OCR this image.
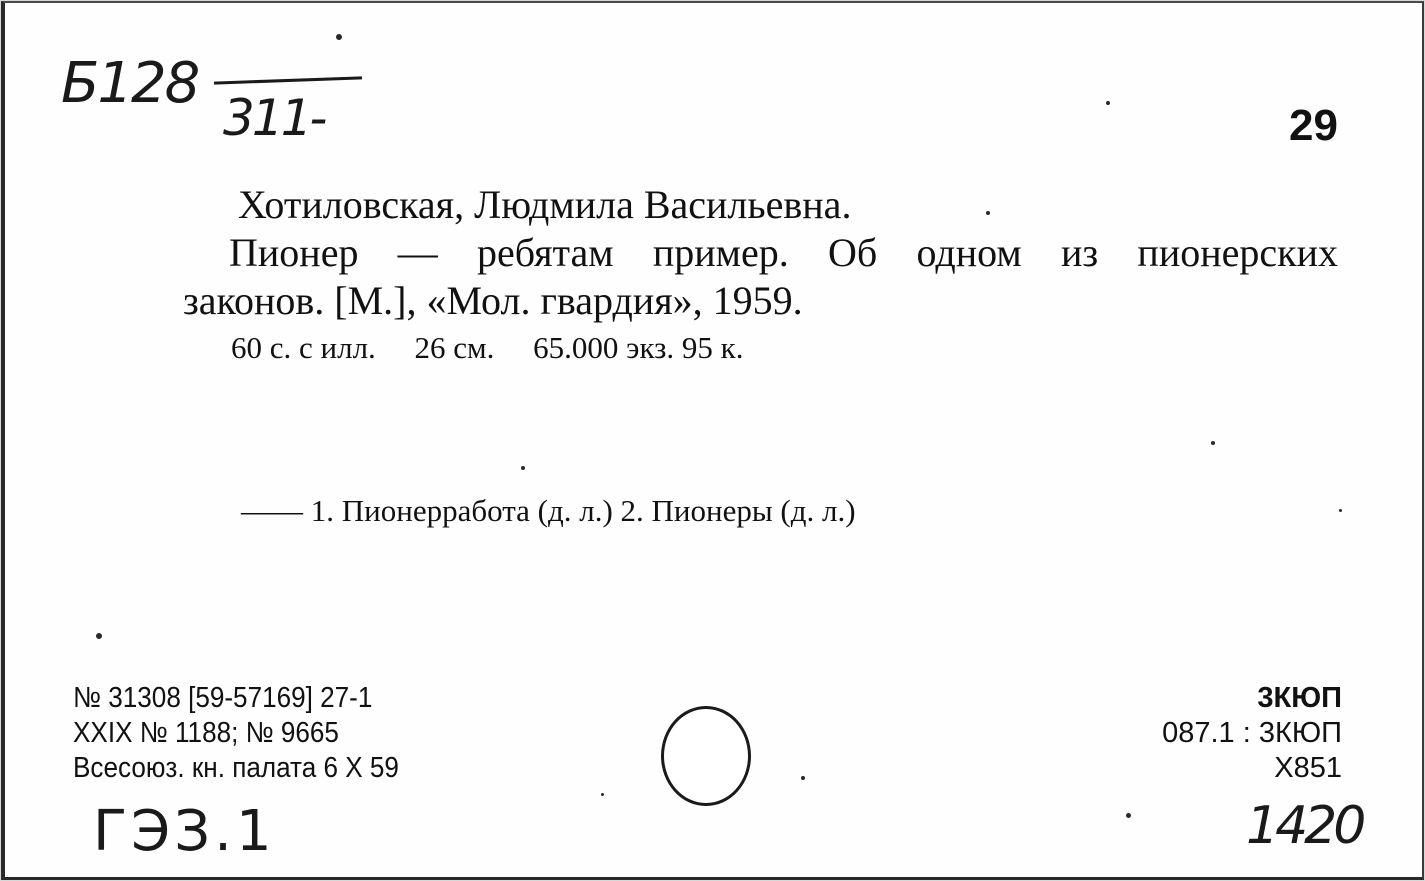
Б128
311-	29
Хотиловская, Людмила Васильевна.

Пионер — ребятам пример. Об одном из пионерских

законов. [М.], «Мол. гвардия», 1959.

60 с. с илл.     26 см.     65.000 экз. 95 к.
—— 1. Пионерработа (д. л.) 2. Пионеры (д. л.)
№ 31308 [59-57169] 27-1
XXIX № 1188; № 9665
Всесоюз. кн. палата 6 X 59
3КЮП
087.1 : 3КЮП
Х851
ГЭЗ.1	1420
